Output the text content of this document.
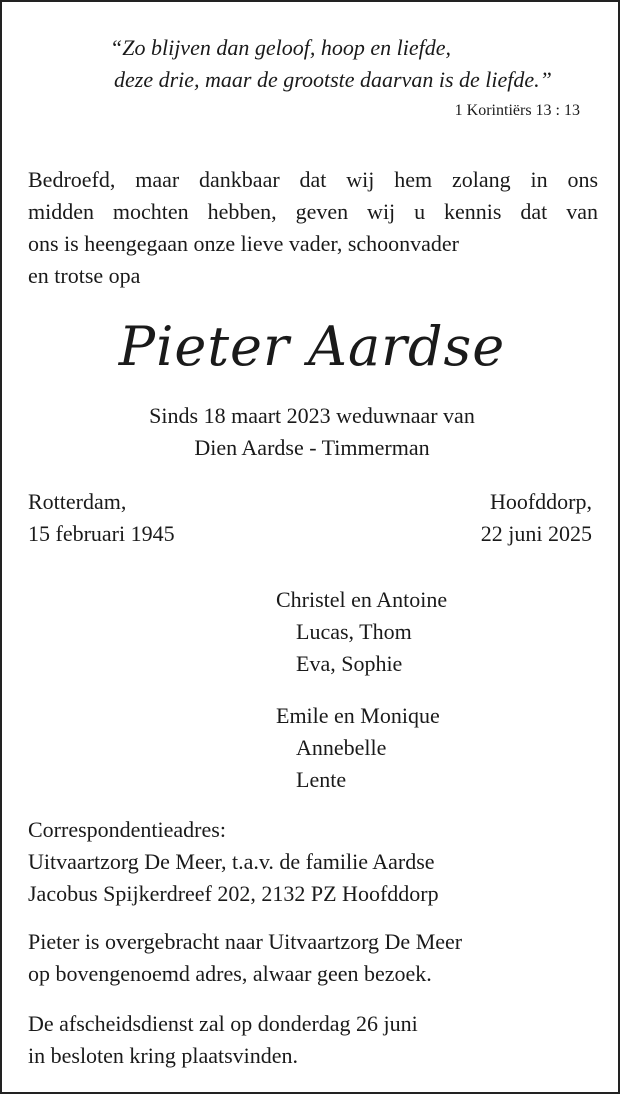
“Zo blijven dan geloof, hoop en liefde,
deze drie, maar de grootste daarvan is de liefde.”
1 Korintiërs 13 : 13
Bedroefd, maar dankbaar dat wij hem zolang in ons
midden mochten hebben, geven wij u kennis dat van
ons is heengegaan onze lieve vader, schoonvader
en trotse opa
Pieter Aardse
Sinds 18 maart 2023 weduwnaar van
Dien Aardse - Timmerman
Rotterdam,
15 februari 1945
Hoofddorp,
22 juni 2025
Christel en Antoine
Lucas, Thom
Eva, Sophie
Emile en Monique
Annebelle
Lente
Correspondentieadres:
Uitvaartzorg De Meer, t.a.v. de familie Aardse
Jacobus Spijkerdreef 202, 2132 PZ Hoofddorp
Pieter is overgebracht naar Uitvaartzorg De Meer
op bovengenoemd adres, alwaar geen bezoek.
De afscheidsdienst zal op donderdag 26 juni
in besloten kring plaatsvinden.
